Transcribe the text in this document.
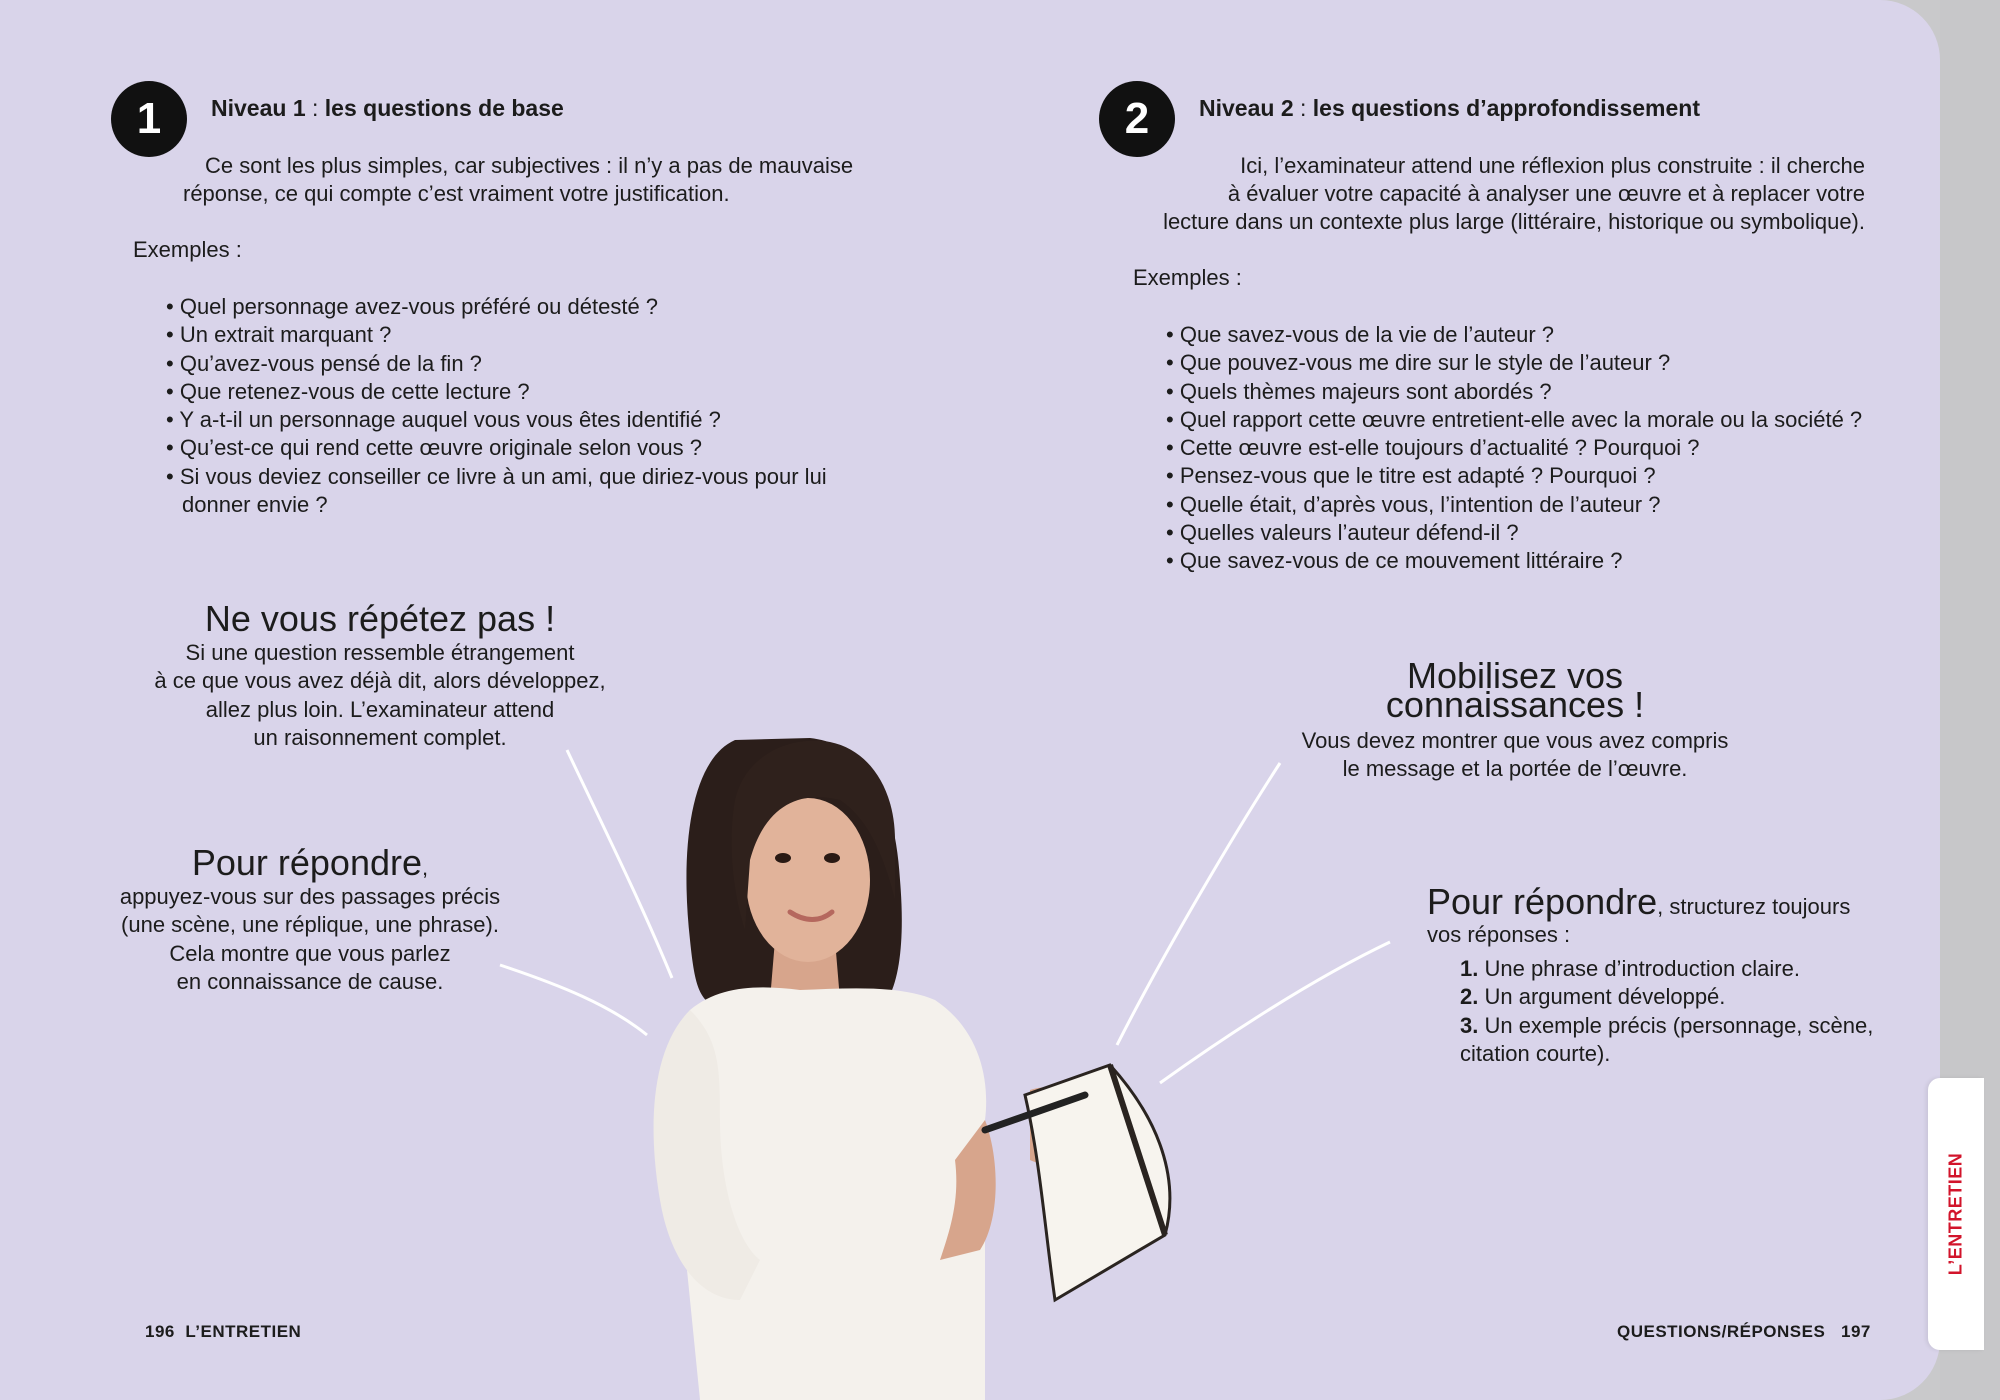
1 Niveau 1 : les questions de base
Ce sont les plus simples, car subjectives : il n’y a pas de mauvaise
réponse, ce qui compte c’est vraiment votre justification.
Exemples :
• Quel personnage avez-vous préféré ou détesté ?
• Un extrait marquant ?
• Qu’avez-vous pensé de la fin ?
• Que retenez-vous de cette lecture ?
• Y a-t-il un personnage auquel vous vous êtes identifié ?
• Qu’est-ce qui rend cette œuvre originale selon vous ?
• Si vous deviez conseiller ce livre à un ami, que diriez-vous pour lui donner envie ?
Ne vous répétez pas !
Si une question ressemble étrangement
à ce que vous avez déjà dit, alors développez,
allez plus loin. L’examinateur attend
un raisonnement complet.
Pour répondre,
appuyez-vous sur des passages précis
(une scène, une réplique, une phrase).
Cela montre que vous parlez
en connaissance de cause.
2 Niveau 2 : les questions d’approfondissement
Ici, l’examinateur attend une réflexion plus construite : il cherche
à évaluer votre capacité à analyser une œuvre et à replacer votre
lecture dans un contexte plus large (littéraire, historique ou symbolique).
Exemples :
• Que savez-vous de la vie de l’auteur ?
• Que pouvez-vous me dire sur le style de l’auteur ?
• Quels thèmes majeurs sont abordés ?
• Quel rapport cette œuvre entretient-elle avec la morale ou la société ?
• Cette œuvre est-elle toujours d’actualité ? Pourquoi ?
• Pensez-vous que le titre est adapté ? Pourquoi ?
• Quelle était, d’après vous, l’intention de l’auteur ?
• Quelles valeurs l’auteur défend-il ?
• Que savez-vous de ce mouvement littéraire ?
Mobilisez vos
connaissances !
Vous devez montrer que vous avez compris
le message et la portée de l’œuvre.
Pour répondre, structurez toujours
vos réponses :
1. Une phrase d’introduction claire.
2. Un argument développé.
3. Un exemple précis (personnage, scène,
citation courte).
196 L’ENTRETIEN	QUESTIONS/RÉPONSES 197
L’ENTRETIEN
